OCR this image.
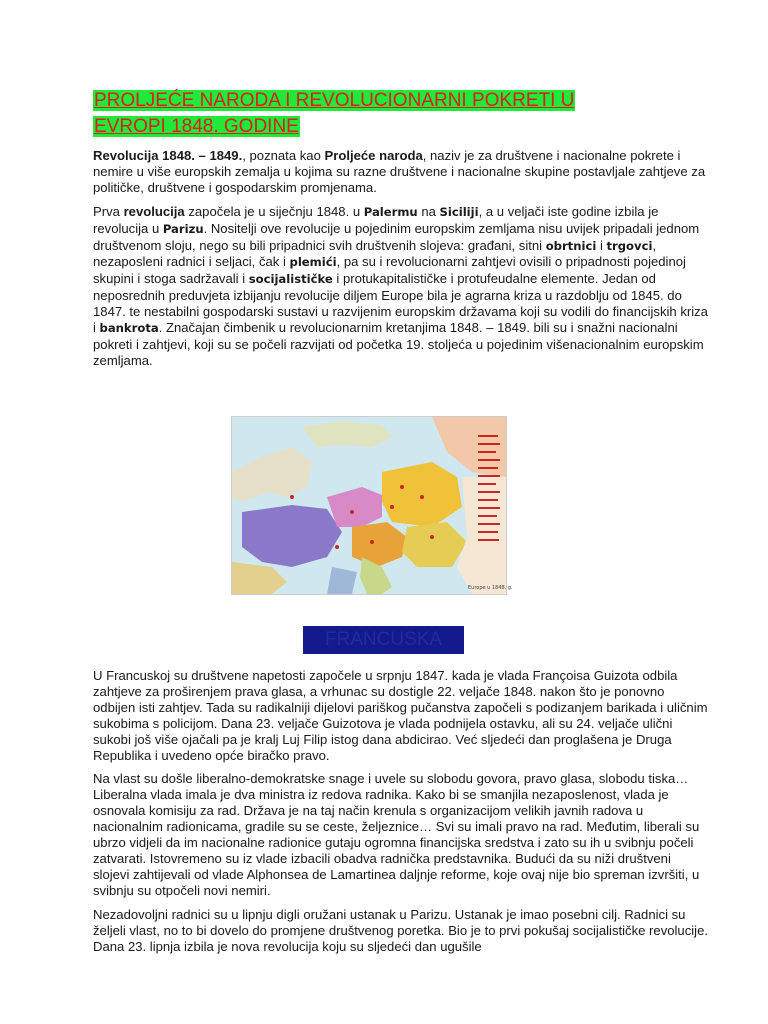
PROLJEĆE NARODA I REVOLUCIONARNI POKRETI U
EVROPI 1848. GODINE

Revolucija 1848. – 1849., poznata kao Proljeće naroda, naziv je za društvene i nacionalne pokrete i nemire u više europskih zemalja u kojima su razne društvene i nacionalne skupine postavljale zahtjeve za političke, društvene i gospodarskim promjenama.

Prva revolucija započela je u siječnju 1848. u Palermu na Siciliji, a u veljači iste godine izbila je revolucija u Parizu. Nositelji ove revolucije u pojedinim europskim zemljama nisu uvijek pripadali jednom društvenom sloju, nego su bili pripadnici svih društvenih slojeva: građani, sitni obrtnici i trgovci, nezaposleni radnici i seljaci, čak i plemići, pa su i revolucionarni zahtjevi ovisili o pripadnosti pojedinoj skupini i stoga sadržavali i socijalističke i protukapitalističke i protufeudalne elemente. Jedan od neposrednih preduvjeta izbijanju revolucije diljem Europe bila je agrarna kriza u razdoblju od 1845. do 1847. te nestabilni gospodarski sustavi u razvijenim europskim državama koji su vodili do financijskih kriza i bankrota. Značajan čimbenik u revolucionarnim kretanjima 1848. – 1849. bili su i snažni nacionalni pokreti i zahtjevi, koji su se počeli razvijati od početka 19. stoljeća u pojedinim višenacionalnim europskim zemljama.

Europe u 1848. g.
FRANCUSKA

U Francuskoj su društvene napetosti započele u srpnju 1847. kada je vlada Françoisa Guizota odbila zahtjeve za proširenjem prava glasa, a vrhunac su dostigle 22. veljače 1848. nakon što je ponovno odbijen isti zahtjev. Tada su radikalniji dijelovi pariškog pučanstva započeli s podizanjem barikada i uličnim sukobima s policijom. Dana 23. veljače Guizotova je vlada podnijela ostavku, ali su 24. veljače ulični sukobi još više ojačali pa je kralj Luj Filip istog dana abdicirao. Već sljedeći dan proglašena je Druga Republika i uvedeno opće biračko pravo.

Na vlast su došle liberalno-demokratske snage i uvele su slobodu govora, pravo glasa, slobodu tiska… Liberalna vlada imala je dva ministra iz redova radnika. Kako bi se smanjila nezaposlenost, vlada je osnovala komisiju za rad. Država je na taj način krenula s organizacijom velikih javnih radova u nacionalnim radionicama, gradile su se ceste, željeznice… Svi su imali pravo na rad. Međutim, liberali su ubrzo vidjeli da im nacionalne radionice gutaju ogromna financijska sredstva i zato su ih u svibnju počeli zatvarati. Istovremeno su iz vlade izbacili obadva radnička predstavnika. Budući da su niži društveni slojevi zahtijevali od vlade Alphonsea de Lamartinea daljnje reforme, koje ovaj nije bio spreman izvršiti, u svibnju su otpočeli novi nemiri.

Nezadovoljni radnici su u lipnju digli oružani ustanak u Parizu. Ustanak je imao posebni cilj. Radnici su željeli vlast, no to bi dovelo do promjene društvenog poretka. Bio je to prvi pokušaj socijalističke revolucije. Dana 23. lipnja izbila je nova revolucija koju su sljedeći dan ugušile
